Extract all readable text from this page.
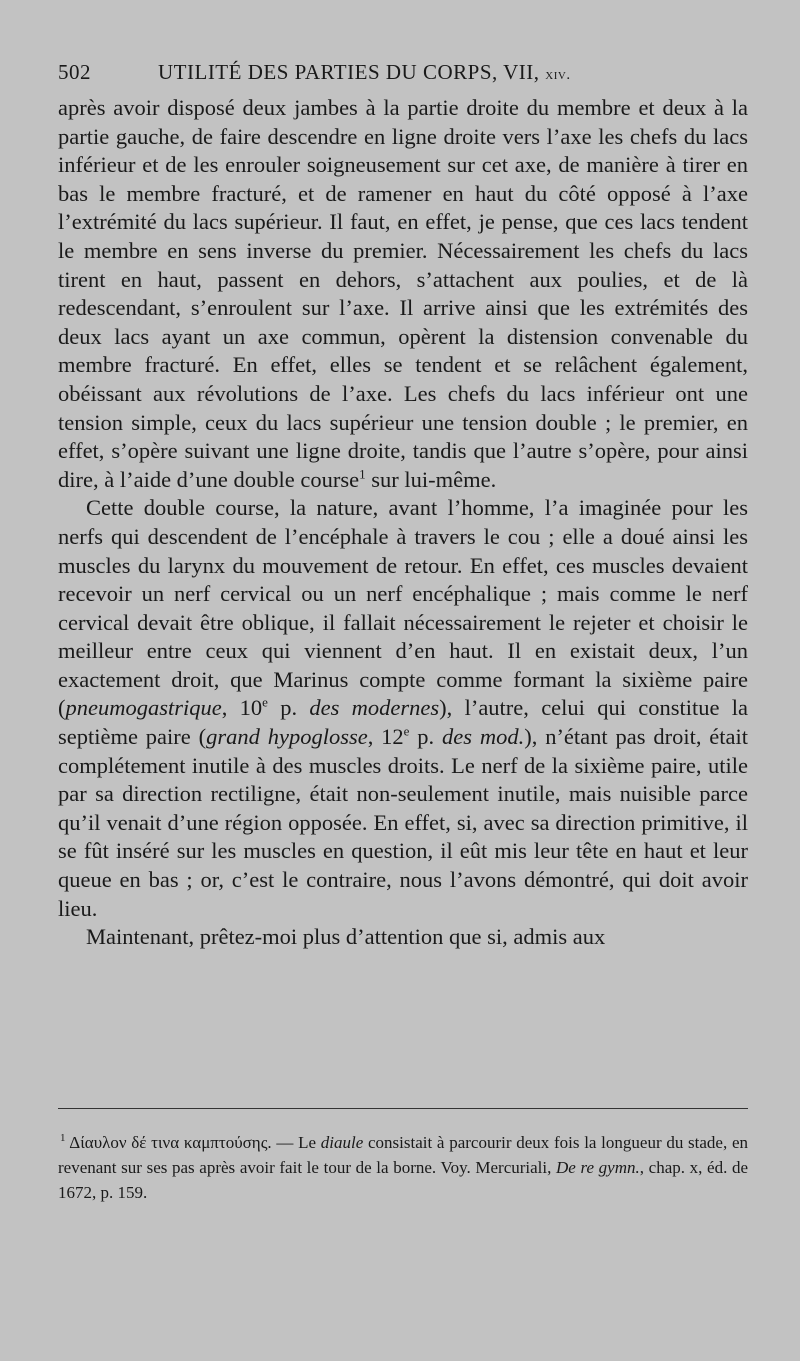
502	UTILITÉ DES PARTIES DU CORPS, VII, xiv.

après avoir disposé deux jambes à la partie droite du membre et deux à la partie gauche, de faire descendre en ligne droite vers l’axe les chefs du lacs inférieur et de les enrouler soigneusement sur cet axe, de manière à tirer en bas le membre fracturé, et de ramener en haut du côté opposé à l’axe l’extrémité du lacs supérieur. Il faut, en effet, je pense, que ces lacs tendent le membre en sens inverse du premier. Nécessairement les chefs du lacs tirent en haut, passent en dehors, s’attachent aux poulies, et de là redescendant, s’enroulent sur l’axe. Il arrive ainsi que les extrémités des deux lacs ayant un axe commun, opèrent la distension convenable du membre fracturé. En effet, elles se tendent et se relâchent également, obéissant aux révolutions de l’axe. Les chefs du lacs inférieur ont une tension simple, ceux du lacs supérieur une tension double ; le premier, en effet, s’opère suivant une ligne droite, tandis que l’autre s’opère, pour ainsi dire, à l’aide d’une double course$^1$ sur lui-même.

Cette double course, la nature, avant l’homme, l’a imaginée pour les nerfs qui descendent de l’encéphale à travers le cou ; elle a doué ainsi les muscles du larynx du mouvement de retour. En effet, ces muscles devaient recevoir un nerf cervical ou un nerf encéphalique ; mais comme le nerf cervical devait être oblique, il fallait nécessairement le rejeter et choisir le meilleur entre ceux qui viennent d’en haut. Il en existait deux, l’un exactement droit, que Marinus compte comme formant la sixième paire (pneumogastrique, 10e p. des modernes), l’autre, celui qui constitue la septième paire (grand hypoglosse, 12e p. des mod.), n’étant pas droit, était complétement inutile à des muscles droits. Le nerf de la sixième paire, utile par sa direction rectiligne, était non-seulement inutile, mais nuisible parce qu’il venait d’une région opposée. En effet, si, avec sa direction primitive, il se fût inséré sur les muscles en question, il eût mis leur tête en haut et leur queue en bas ; or, c’est le contraire, nous l’avons démontré, qui doit avoir lieu.

Maintenant, prêtez-moi plus d’attention que si, admis aux

$^1$ Δίαυλον δέ τινα καμπτούσης. — Le diaule consistait à parcourir deux fois la longueur du stade, en revenant sur ses pas après avoir fait le tour de la borne. Voy. Mercuriali, De re gymn., chap. x, éd. de 1672, p. 159.
